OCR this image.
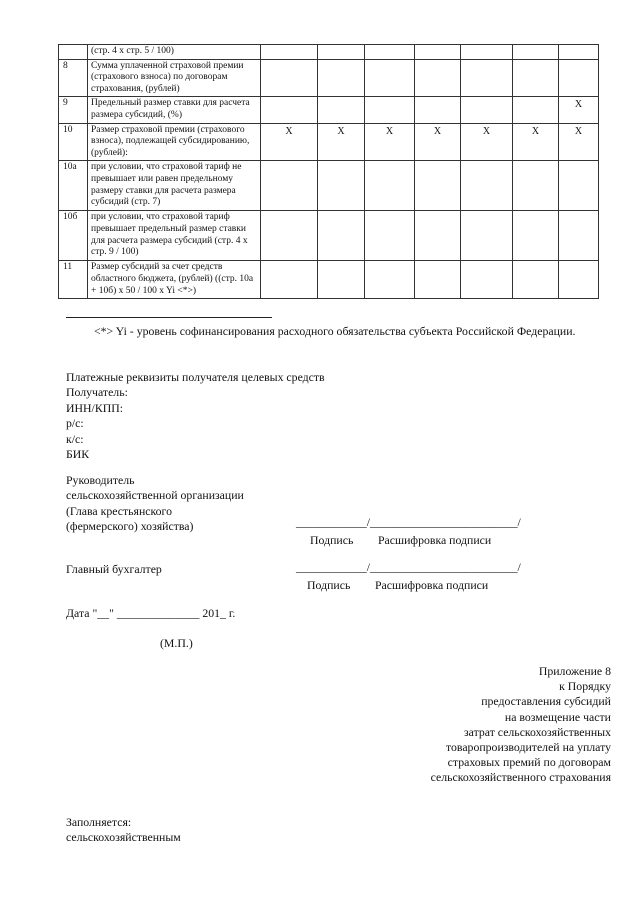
	(стр. 4 x стр. 5 / 100)							
8	Сумма уплаченной страховой премии (страхового взноса) по договорам страхования, (рублей)							
9	Предельный размер ставки для расчета размера субсидий, (%)							X
10	Размер страховой премии (страхового взноса), подлежащей субсидированию, (рублей):	X	X	X	X	X	X	X
10а	при условии, что страховой тариф не превышает или равен предельному размеру ставки для расчета размера субсидий (стр. 7)							
10б	при условии, что страховой тариф превышает предельный размер ставки для расчета размера субсидий (стр. 4 x стр. 9 / 100)							
11	Размер субсидий за счет средств областного бюджета, (рублей) ((стр. 10а + 10б) x 50 / 100 x Yi <*>)							

<*> Yi - уровень софинансирования расходного обязательства субъекта Российской Федерации.

Платежные реквизиты получателя целевых средств
Получатель:
ИНН/КПП:
р/с:
к/с:
БИК
Руководитель
сельскохозяйственной организации
(Глава крестьянского
(фермерского) хозяйства)	____________/_________________________/
Подпись Расшифровка подписи
Главный бухгалтер	____________/_________________________/
Подпись Расшифровка подписи
Дата "__" ______________ 201_ г.
(М.П.)
Приложение 8
к Порядку
предоставления субсидий
на возмещение части
затрат сельскохозяйственных
товаропроизводителей на уплату
страховых премий по договорам
сельскохозяйственного страхования
Заполняется:
сельскохозяйственным
